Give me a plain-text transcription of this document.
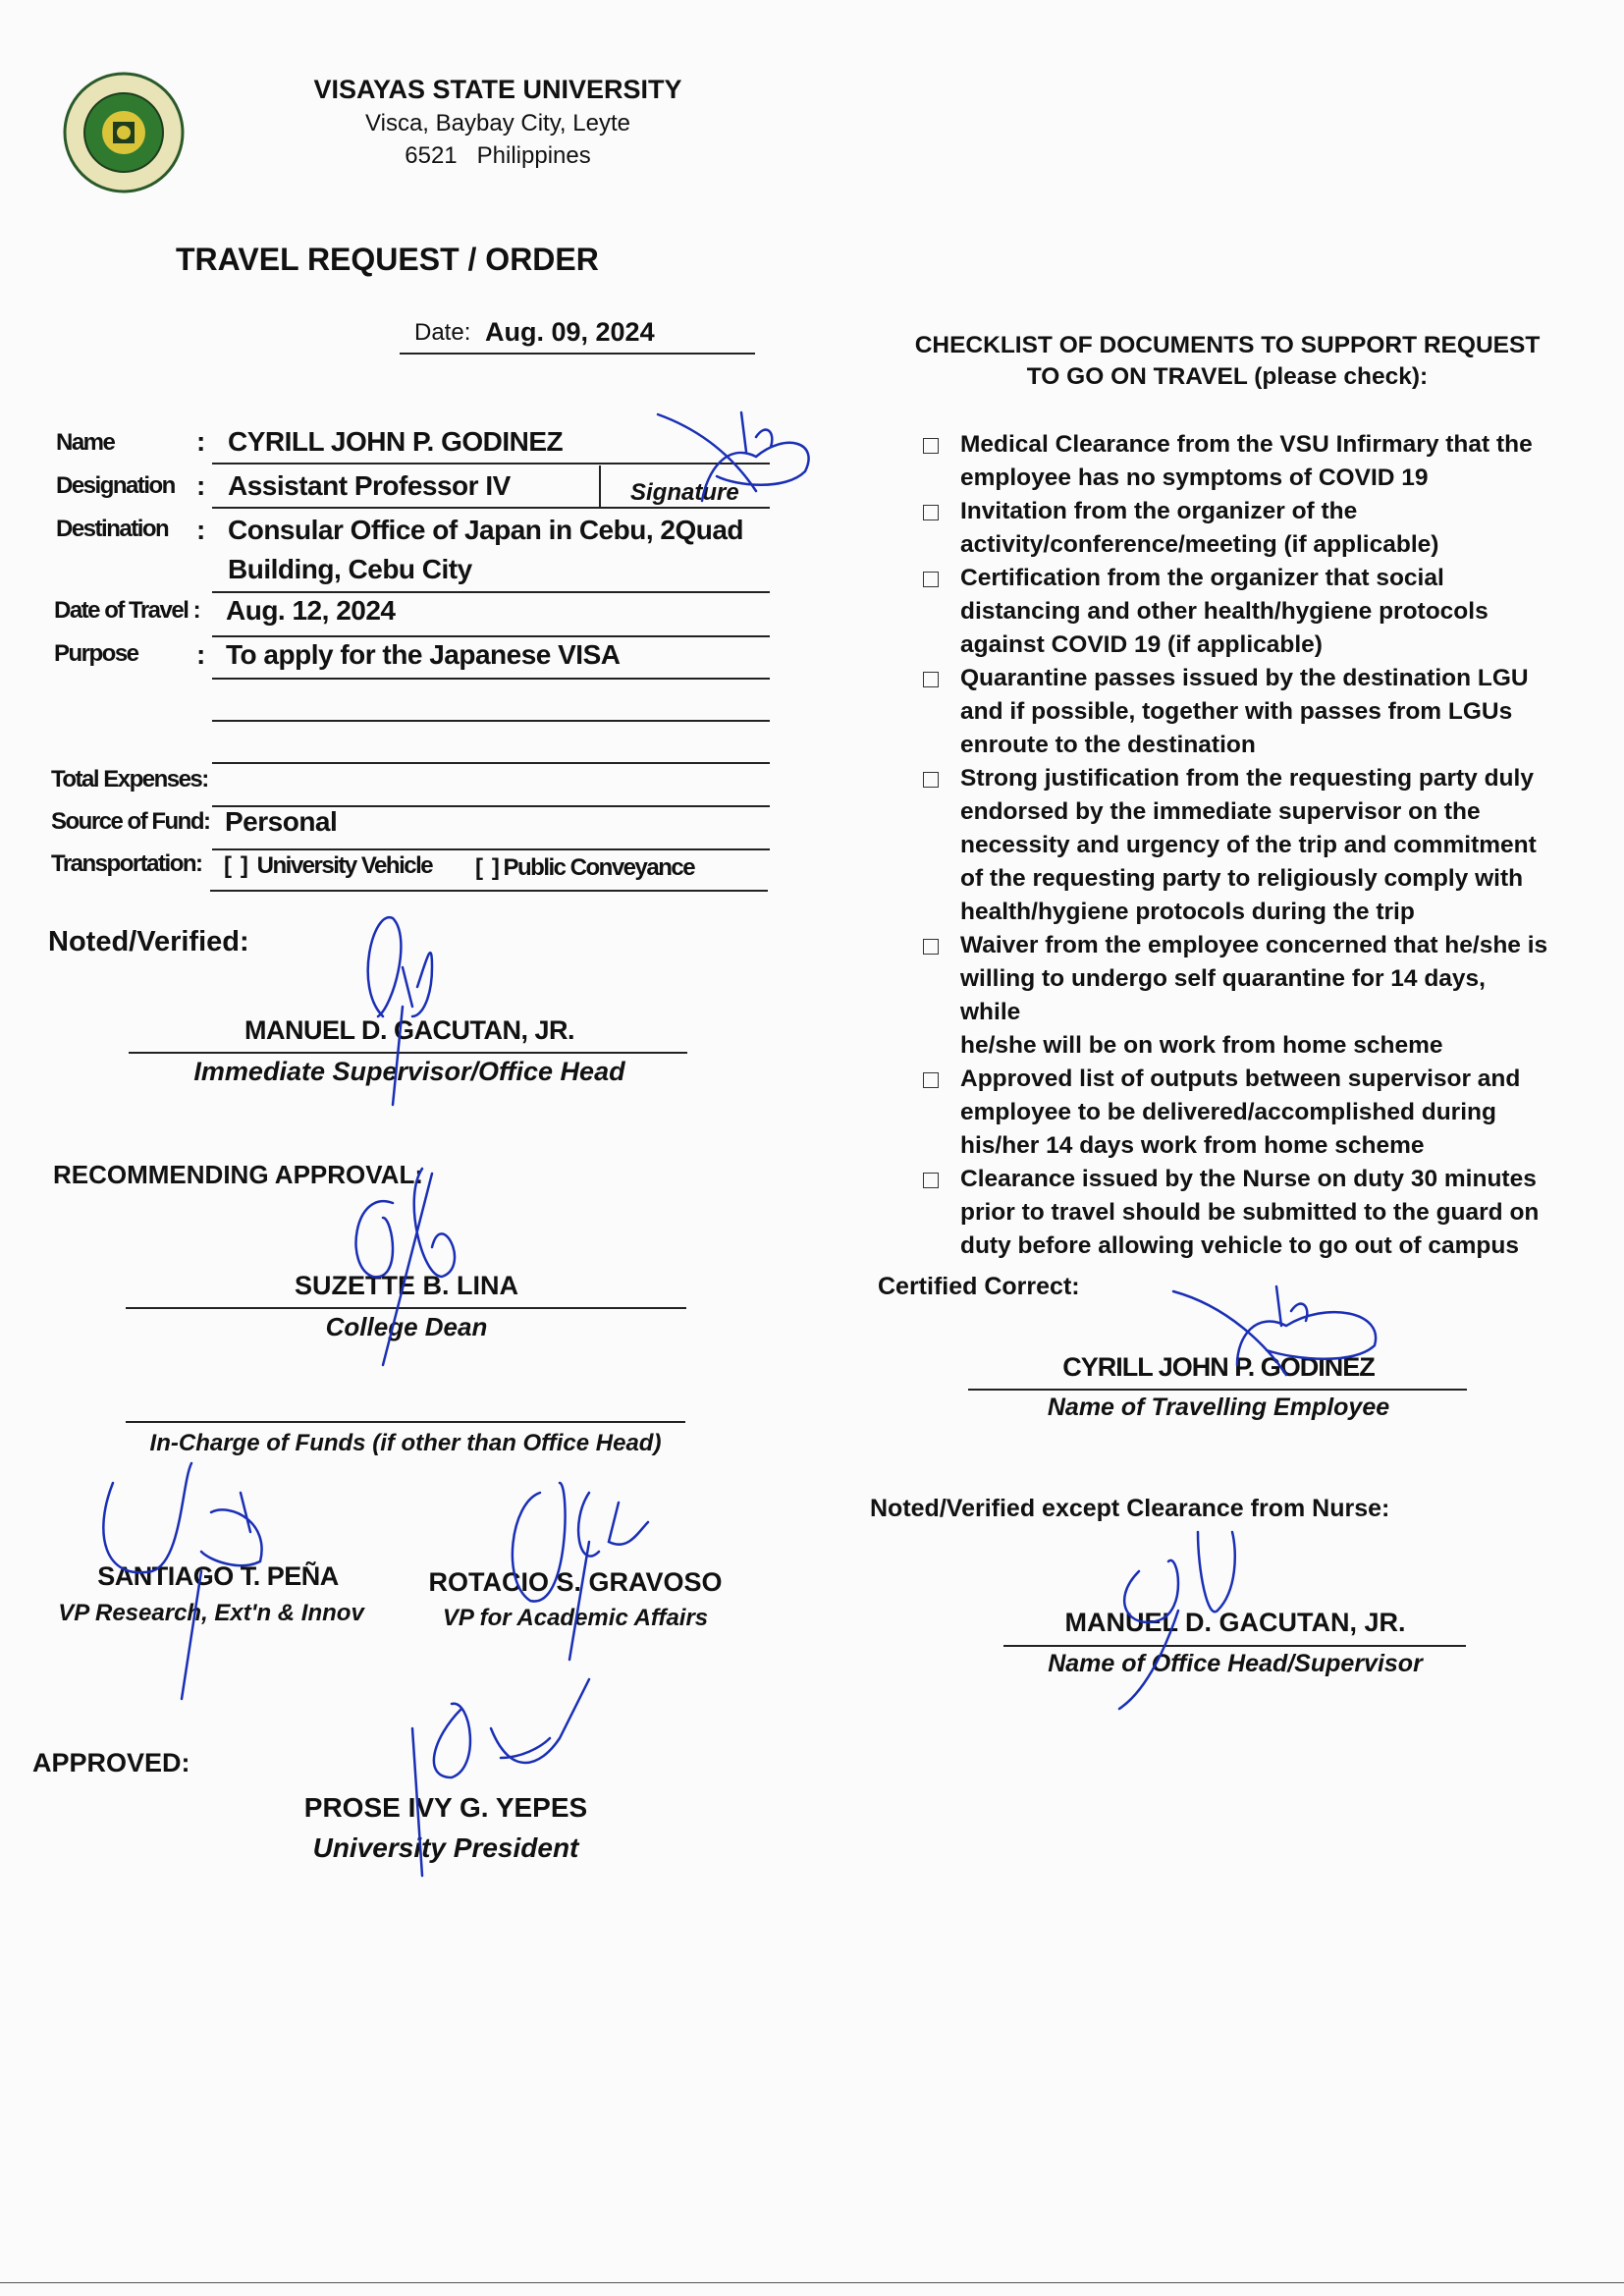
VISAYAS STATE UNIVERSITY
Visca, Baybay City, Leyte
6521   Philippines
TRAVEL REQUEST / ORDER
Date: Aug. 09, 2024
Name	: CYRILL JOHN P. GODINEZ
Designation : Assistant Professor IV	Signature
Destination : Consular Office of Japan in Cebu, 2Quad
Building, Cebu City
Date of Travel : Aug. 12, 2024
Purpose : To apply for the Japanese VISA
Total Expenses:
Source of Fund: Personal
Transportation: [  ]  University Vehicle [  ] Public Conveyance
Noted/Verified:
MANUEL D. GACUTAN, JR.
Immediate Supervisor/Office Head
RECOMMENDING APPROVAL:
SUZETTE B. LINA
College Dean
In-Charge of Funds (if other than Office Head)
SANTIAGO T. PEÑA
VP Research, Ext'n & Innov
ROTACIO S. GRAVOSO
VP for Academic Affairs
APPROVED:
PROSE IVY G. YEPES
University President
CHECKLIST OF DOCUMENTS TO SUPPORT REQUEST
TO GO ON TRAVEL (please check):
Medical Clearance from the VSU Infirmary that the
employee has no symptoms of COVID 19
Invitation from the organizer of the
activity/conference/meeting (if applicable)
Certification from the organizer that social
distancing and other health/hygiene protocols
against COVID 19 (if applicable)
Quarantine passes issued by the destination LGU
and if possible, together with passes from LGUs
enroute to the destination
Strong justification from the requesting party duly
endorsed by the immediate supervisor on the
necessity and urgency of the trip and commitment
of the requesting party to religiously comply with
health/hygiene protocols during the trip
Waiver from the employee concerned that he/she is
willing to undergo self quarantine for 14 days, while
he/she will be on work from home scheme
Approved list of outputs between supervisor and
employee to be delivered/accomplished during
his/her 14 days work from home scheme
Clearance issued by the Nurse on duty 30 minutes
prior to travel should be submitted to the guard on
duty before allowing vehicle to go out of campus
Certified Correct:
CYRILL JOHN P. GODINEZ
Name of Travelling Employee
Noted/Verified except Clearance from Nurse:
MANUEL D. GACUTAN, JR.
Name of Office Head/Supervisor
